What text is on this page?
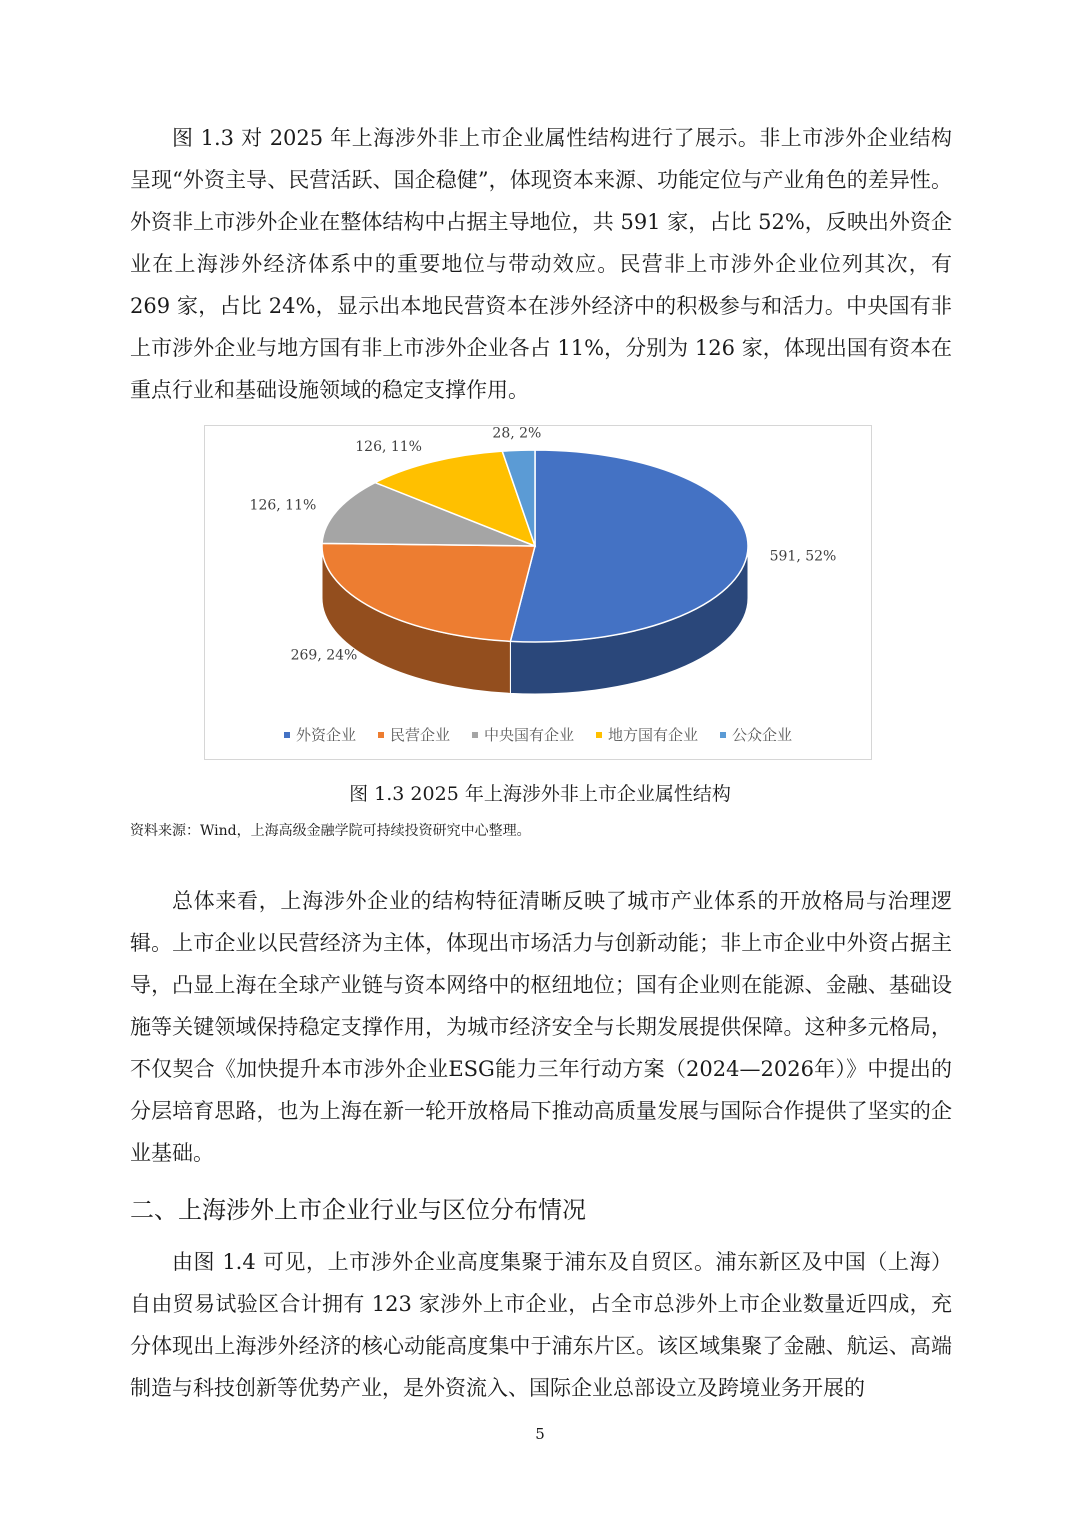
图 1.3 对 2025 年上海涉外非上市企业属性结构进行了展示。非上市涉外企业结构呈现“外资主导、民营活跃、国企稳健”，体现资本来源、功能定位与产业角色的差异性。外资非上市涉外企业在整体结构中占据主导地位，共 591 家，占比 52%，反映出外资企业在上海涉外经济体系中的重要地位与带动效应。民营非上市涉外企业位列其次，有 269 家，占比 24%，显示出本地民营资本在涉外经济中的积极参与和活力。中央国有非上市涉外企业与地方国有非上市涉外企业各占 11%，分别为 126 家，体现出国有资本在重点行业和基础设施领域的稳定支撑作用。

591, 52%
269, 24%
126, 11%
126, 11%
28, 2%
外资企业 民营企业 中央国有企业 地方国有企业 公众企业

图 1.3 2025 年上海涉外非上市企业属性结构

资料来源：Wind，上海高级金融学院可持续投资研究中心整理。

总体来看，上海涉外企业的结构特征清晰反映了城市产业体系的开放格局与治理逻辑。上市企业以民营经济为主体，体现出市场活力与创新动能；非上市企业中外资占据主导，凸显上海在全球产业链与资本网络中的枢纽地位；国有企业则在能源、金融、基础设施等关键领域保持稳定支撑作用，为城市经济安全与长期发展提供保障。这种多元格局，不仅契合《加快提升本市涉外企业ESG能力三年行动方案（2024—2026年）》中提出的分层培育思路，也为上海在新一轮开放格局下推动高质量发展与国际合作提供了坚实的企业基础。

二、上海涉外上市企业行业与区位分布情况

由图 1.4 可见，上市涉外企业高度集聚于浦东及自贸区。浦东新区及中国（上海）自由贸易试验区合计拥有 123 家涉外上市企业，占全市总涉外上市企业数量近四成，充分体现出上海涉外经济的核心动能高度集中于浦东片区。该区域集聚了金融、航运、高端制造与科技创新等优势产业，是外资流入、国际企业总部设立及跨境业务开展的

5
